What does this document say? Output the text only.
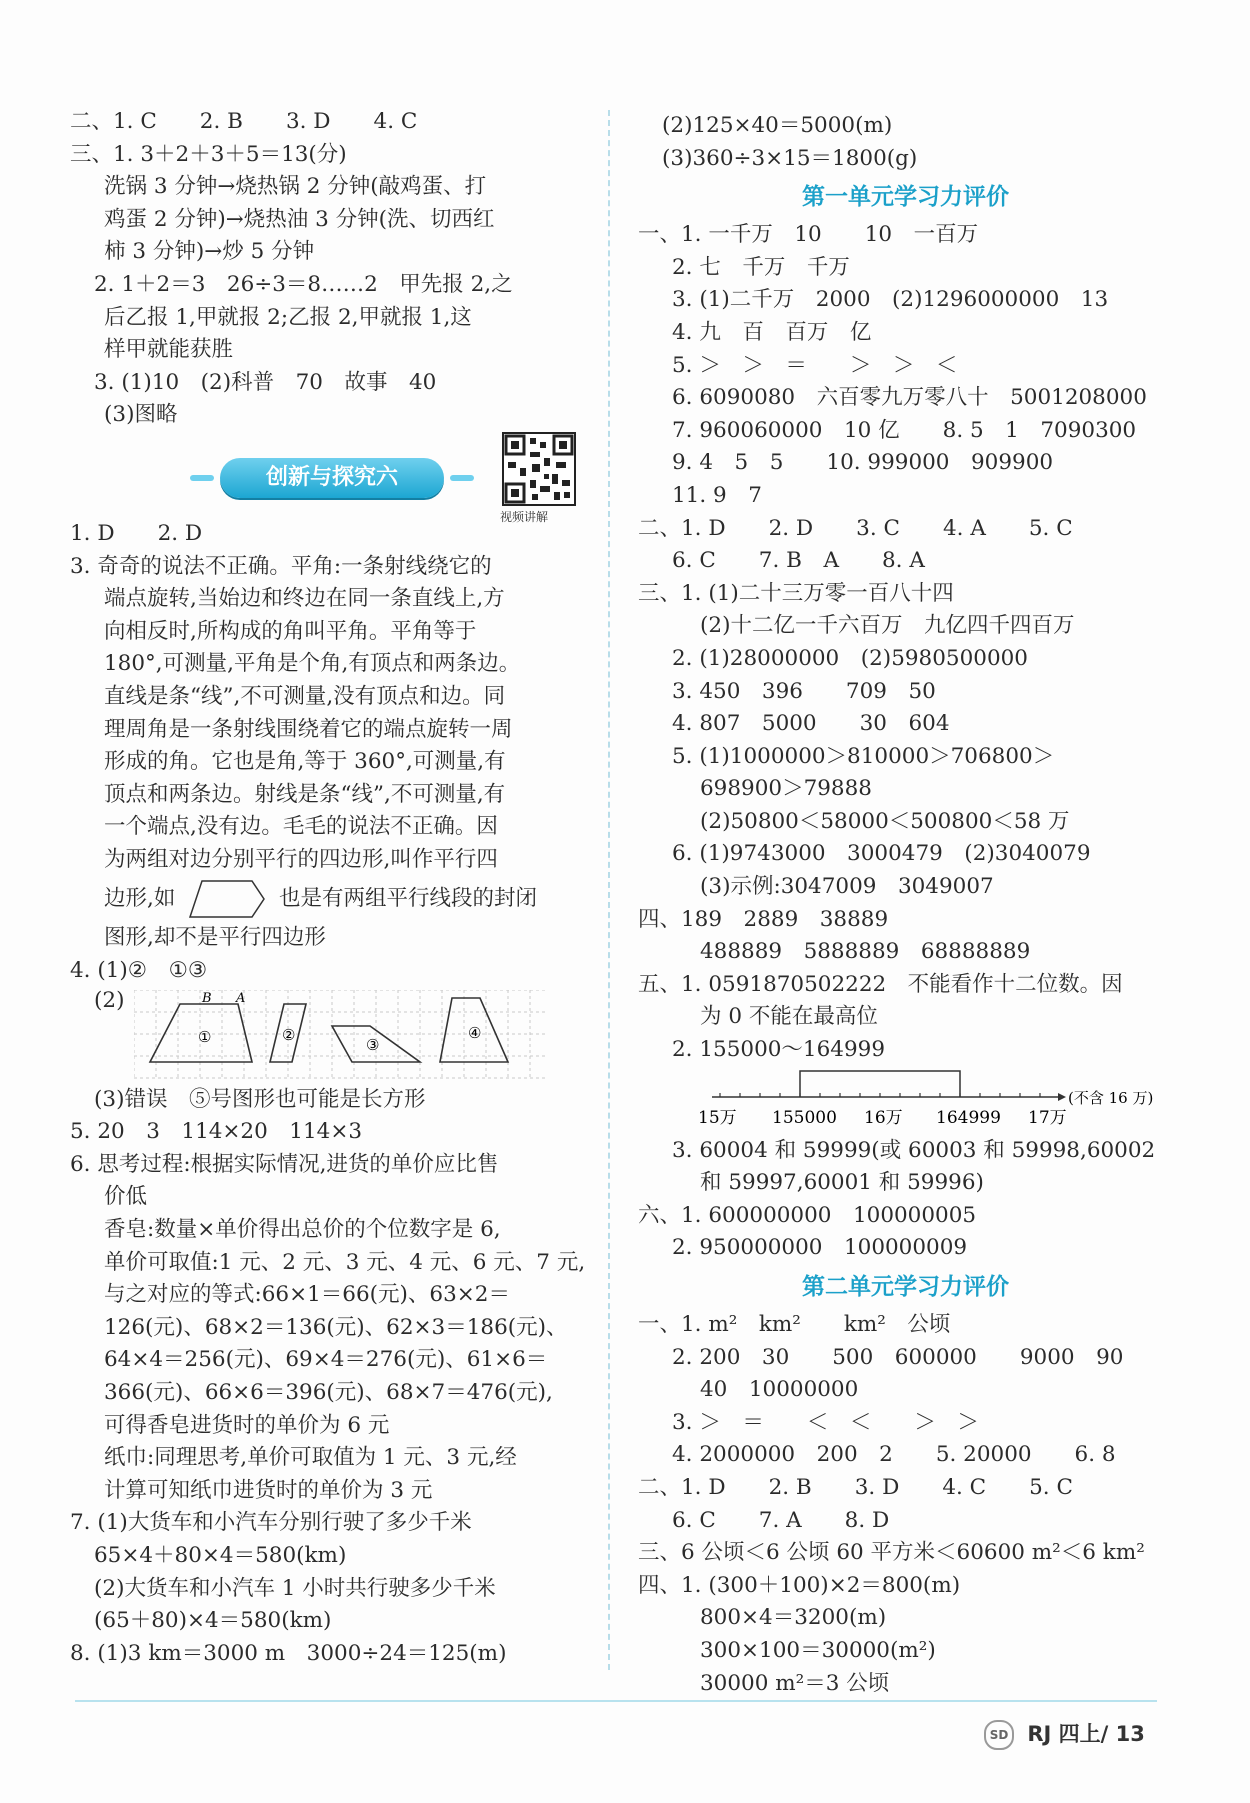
二、1. C　　2. B　　3. D　　4. C
三、1. 3＋2＋3＋5＝13(分)
洗锅 3 分钟→烧热锅 2 分钟(敲鸡蛋、打
鸡蛋 2 分钟)→烧热油 3 分钟(洗、切西红
柿 3 分钟)→炒 5 分钟
2. 1＋2＝3　26÷3＝8……2　甲先报 2,之
后乙报 1,甲就报 2;乙报 2,甲就报 1,这
样甲就能获胜
3. (1)10　(2)科普　70　故事　40
(3)图略
创新与探究六
视频讲解
1. D　　2. D
3. 奇奇的说法不正确。平角:一条射线绕它的
端点旋转,当始边和终边在同一条直线上,方
向相反时,所构成的角叫平角。平角等于
180°,可测量,平角是个角,有顶点和两条边。
直线是条“线”,不可测量,没有顶点和边。同
理周角是一条射线围绕着它的端点旋转一周
形成的角。它也是角,等于 360°,可测量,有
顶点和两条边。射线是条“线”,不可测量,有
一个端点,没有边。毛毛的说法不正确。因
为两组对边分别平行的四边形,叫作平行四
边形,如	也是有两组平行线段的封闭
图形,却不是平行四边形
4. (1)②　①③
(2)	B A
①	②
③
④
(3)错误　⑤号图形也可能是长方形
5. 20　3　114×20　114×3
6. 思考过程:根据实际情况,进货的单价应比售
价低
香皂:数量×单价得出总价的个位数字是 6,
单价可取值:1 元、2 元、3 元、4 元、6 元、7 元,
与之对应的等式:66×1＝66(元)、63×2＝
126(元)、68×2＝136(元)、62×3＝186(元)、
64×4＝256(元)、69×4＝276(元)、61×6＝
366(元)、66×6＝396(元)、68×7＝476(元),
可得香皂进货时的单价为 6 元
纸巾:同理思考,单价可取值为 1 元、3 元,经
计算可知纸巾进货时的单价为 3 元
7. (1)大货车和小汽车分别行驶了多少千米
65×4＋80×4＝580(km)
(2)大货车和小汽车 1 小时共行驶多少千米
(65＋80)×4＝580(km)
8. (1)3 km＝3000 m　3000÷24＝125(m)
(2)125×40＝5000(m)
(3)360÷3×15＝1800(g)
第一单元学习力评价
一、1. 一千万　10　　10　一百万
2. 七　千万　千万
3. (1)二千万　2000　(2)1296000000　13
4. 九　百　百万　亿
5. ＞　＞　＝　　＞　＞　＜
6. 6090080　六百零九万零八十　5001208000
7. 960060000　10 亿　　8. 5　1　7090300
9. 4　5　5　　10. 999000　909900
11. 9　7
二、1. D　　2. D　　3. C　　4. A　　5. C
6. C　　7. B　A　　8. A
三、1. (1)二十三万零一百八十四
(2)十二亿一千六百万　九亿四千四百万
2. (1)28000000　(2)5980500000
3. 450　396　　709　50
4. 807　5000　　30　604
5. (1)1000000＞810000＞706800＞
698900＞79888
(2)50800＜58000＜500800＜58 万
6. (1)9743000　3000479　(2)3040079
(3)示例:3047009　3049007
四、189　2889　38889
488889　5888889　68888889
五、1. 0591870502222　不能看作十二位数。因
为 0 不能在最高位
2. 155000～164999
15万 155000 16万 164999 17万
(不含 16 万)
3. 60004 和 59999(或 60003 和 59998,60002
和 59997,60001 和 59996)
六、1. 600000000　100000005
2. 950000000　100000009
第二单元学习力评价
一、1. m²　km²　　km²　公顷
2. 200　30　　500　600000　　9000　90
40　10000000
3. ＞　＝　　＜　＜　　＞　＞
4. 2000000　200　2　　5. 20000　　6. 8
二、1. D　　2. B　　3. D　　4. C　　5. C
6. C　　7. A　　8. D
三、6 公顷＜6 公顷 60 平方米＜60600 m²＜6 km²
四、1. (300＋100)×2＝800(m)
800×4＝3200(m)
300×100＝30000(m²)
30000 m²＝3 公顷
SD RJ 四上/ 13
